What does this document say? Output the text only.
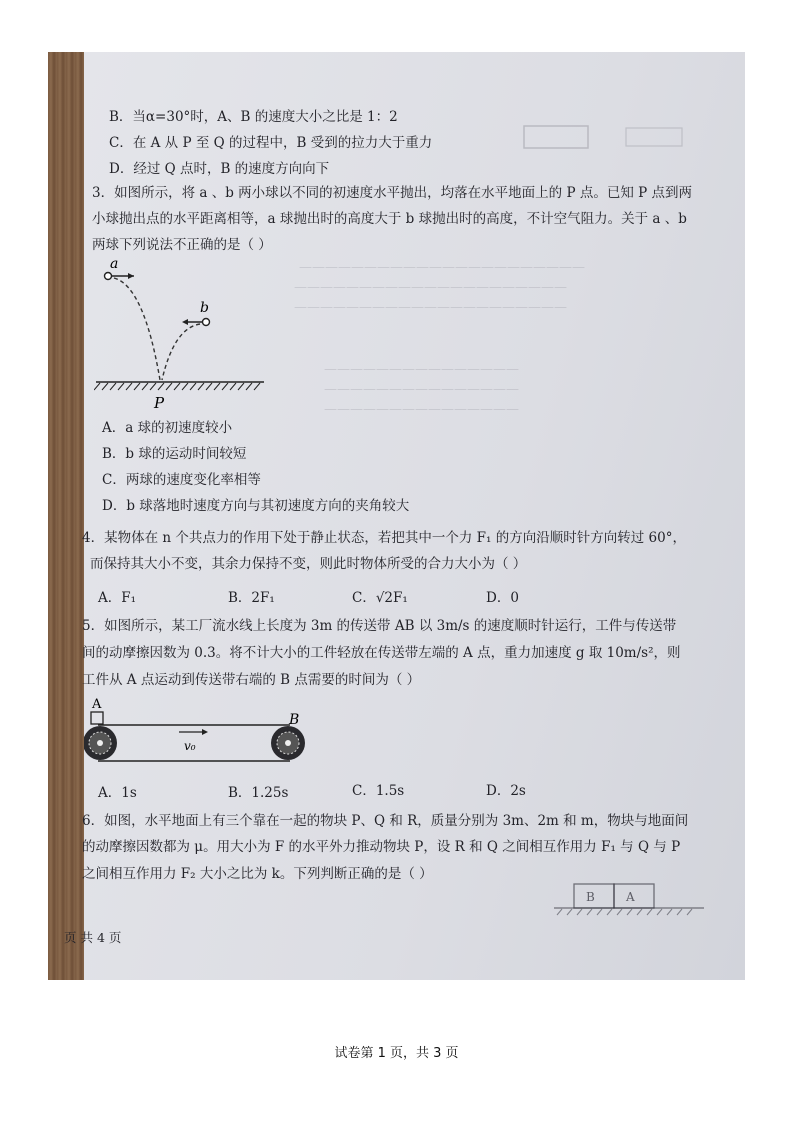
——————————————————————
—————————————————————
—————————————————————
———————————————
———————————————
———————————————
B．当α=30°时，A、B 的速度大小之比是 1：2
C．在 A 从 P 至 Q 的过程中，B 受到的拉力大于重力
D．经过 Q 点时，B 的速度方向向下
3．如图所示，将 a 、b 两小球以不同的初速度水平抛出，均落在水平地面上的 P 点。已知 P 点到两
小球抛出点的水平距离相等，a 球抛出时的高度大于 b 球抛出时的高度，不计空气阻力。关于 a 、b
两球下列说法不正确的是（ ）
a
b
P
A．a 球的初速度较小
B．b 球的运动时间较短
C．两球的速度变化率相等
D．b 球落地时速度方向与其初速度方向的夹角较大
4．某物体在 n 个共点力的作用下处于静止状态，若把其中一个力 F₁ 的方向沿顺时针方向转过 60°，
而保持其大小不变，其余力保持不变，则此时物体所受的合力大小为（ ）
A．F₁	B．2F₁	C．√2F₁	D．0
5．如图所示，某工厂流水线上长度为 3m 的传送带 AB 以 3m/s 的速度顺时针运行，工件与传送带
间的动摩擦因数为 0.3。将不计大小的工件轻放在传送带左端的 A 点，重力加速度 g 取 10m/s²，则
工件从 A 点运动到传送带右端的 B 点需要的时间为（ ）
A
B
v₀
A．1s	B．1.25s	C．1.5s	D．2s
6．如图，水平地面上有三个靠在一起的物块 P、Q 和 R，质量分别为 3m、2m 和 m，物块与地面间
的动摩擦因数都为 μ。用大小为 F 的水平外力推动物块 P，设 R 和 Q 之间相互作用力 F₁ 与 Q 与 P
之间相互作用力 F₂ 大小之比为 k。下列判断正确的是（ ）
B	A
页 共 4 页
试卷第 1 页，共 3 页
